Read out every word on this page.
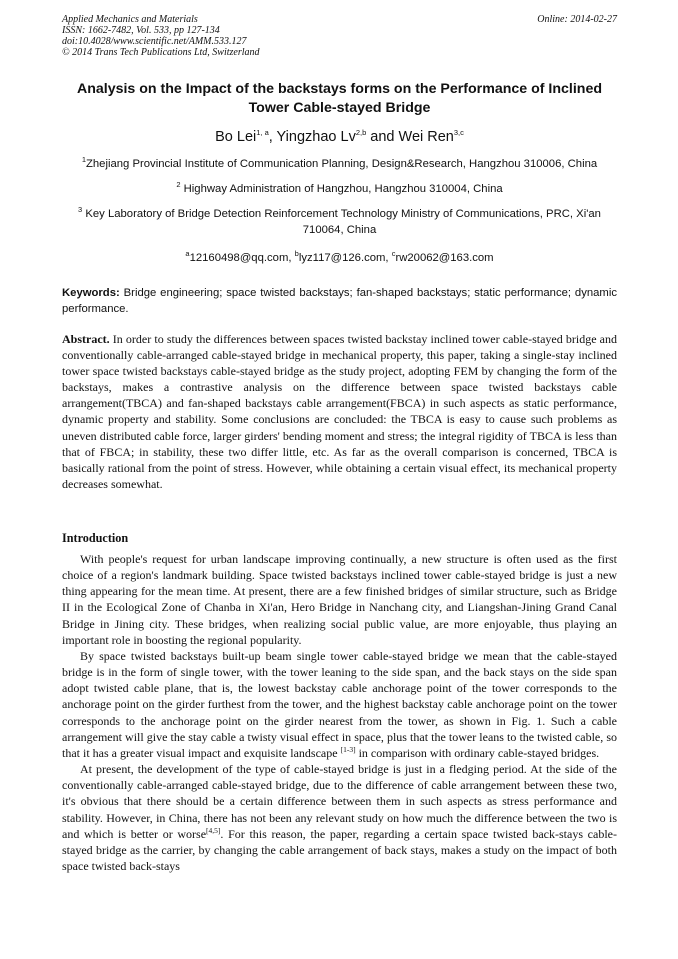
Applied Mechanics and Materials
ISSN: 1662-7482, Vol. 533, pp 127-134
doi:10.4028/www.scientific.net/AMM.533.127
© 2014 Trans Tech Publications Ltd, Switzerland
Online: 2014-02-27
Analysis on the Impact of the backstays forms on the Performance of Inclined Tower Cable-stayed Bridge
Bo Lei$^{1, a}$, Yingzhao Lv$^{2,b}$ and Wei Ren$^{3,c}$

$^1$Zhejiang Provincial Institute of Communication Planning, Design&Research, Hangzhou 310006, China

$^2$ Highway Administration of Hangzhou, Hangzhou 310004, China

$^3$ Key Laboratory of Bridge Detection Reinforcement Technology Ministry of Communications, PRC, Xi'an 710064, China

$^a$12160498@qq.com, $^b$lyz117@126.com, $^c$rw20062@163.com

Keywords: Bridge engineering; space twisted backstays; fan-shaped backstays; static performance; dynamic performance.

Abstract. In order to study the differences between spaces twisted backstay inclined tower cable-stayed bridge and conventionally cable-arranged cable-stayed bridge in mechanical property, this paper, taking a single-stay inclined tower space twisted backstays cable-stayed bridge as the study project, adopting FEM by changing the form of the backstays, makes a contrastive analysis on the difference between space twisted backstays cable arrangement(TBCA) and fan-shaped backstays cable arrangement(FBCA) in such aspects as static performance, dynamic property and stability. Some conclusions are concluded: the TBCA is easy to cause such problems as uneven distributed cable force, larger girders' bending moment and stress; the integral rigidity of TBCA is less than that of FBCA; in stability, these two differ little, etc. As far as the overall comparison is concerned, TBCA is basically rational from the point of stress. However, while obtaining a certain visual effect, its mechanical property decreases somewhat.

Introduction

With people's request for urban landscape improving continually, a new structure is often used as the first choice of a region's landmark building. Space twisted backstays inclined tower cable-stayed bridge is just a new thing appearing for the mean time. At present, there are a few finished bridges of similar structure, such as Bridge II in the Ecological Zone of Chanba in Xi'an, Hero Bridge in Nanchang city, and Liangshan-Jining Grand Canal Bridge in Jining city. These bridges, when realizing social public value, are more enjoyable, thus playing an important role in boosting the regional popularity.

By space twisted backstays built-up beam single tower cable-stayed bridge we mean that the cable-stayed bridge is in the form of single tower, with the tower leaning to the side span, and the back stays on the side span adopt twisted cable plane, that is, the lowest backstay cable anchorage point of the tower corresponds to the anchorage point on the girder furthest from the tower, and the highest backstay cable anchorage point on the tower corresponds to the anchorage point on the girder nearest from the tower, as shown in Fig. 1. Such a cable arrangement will give the stay cable a twisty visual effect in space, plus that the tower leans to the twisted cable, so that it has a greater visual impact and exquisite landscape [1-3] in comparison with ordinary cable-stayed bridges.

At present, the development of the type of cable-stayed bridge is just in a fledging period. At the side of the conventionally cable-arranged cable-stayed bridge, due to the difference of cable arrangement between these two, it's obvious that there should be a certain difference between them in such aspects as stress performance and stability. However, in China, there has not been any relevant study on how much the difference between the two is and which is better or worse[4,5]. For this reason, the paper, regarding a certain space twisted back-stays cable-stayed bridge as the carrier, by changing the cable arrangement of back stays, makes a study on the impact of both space twisted back-stays
